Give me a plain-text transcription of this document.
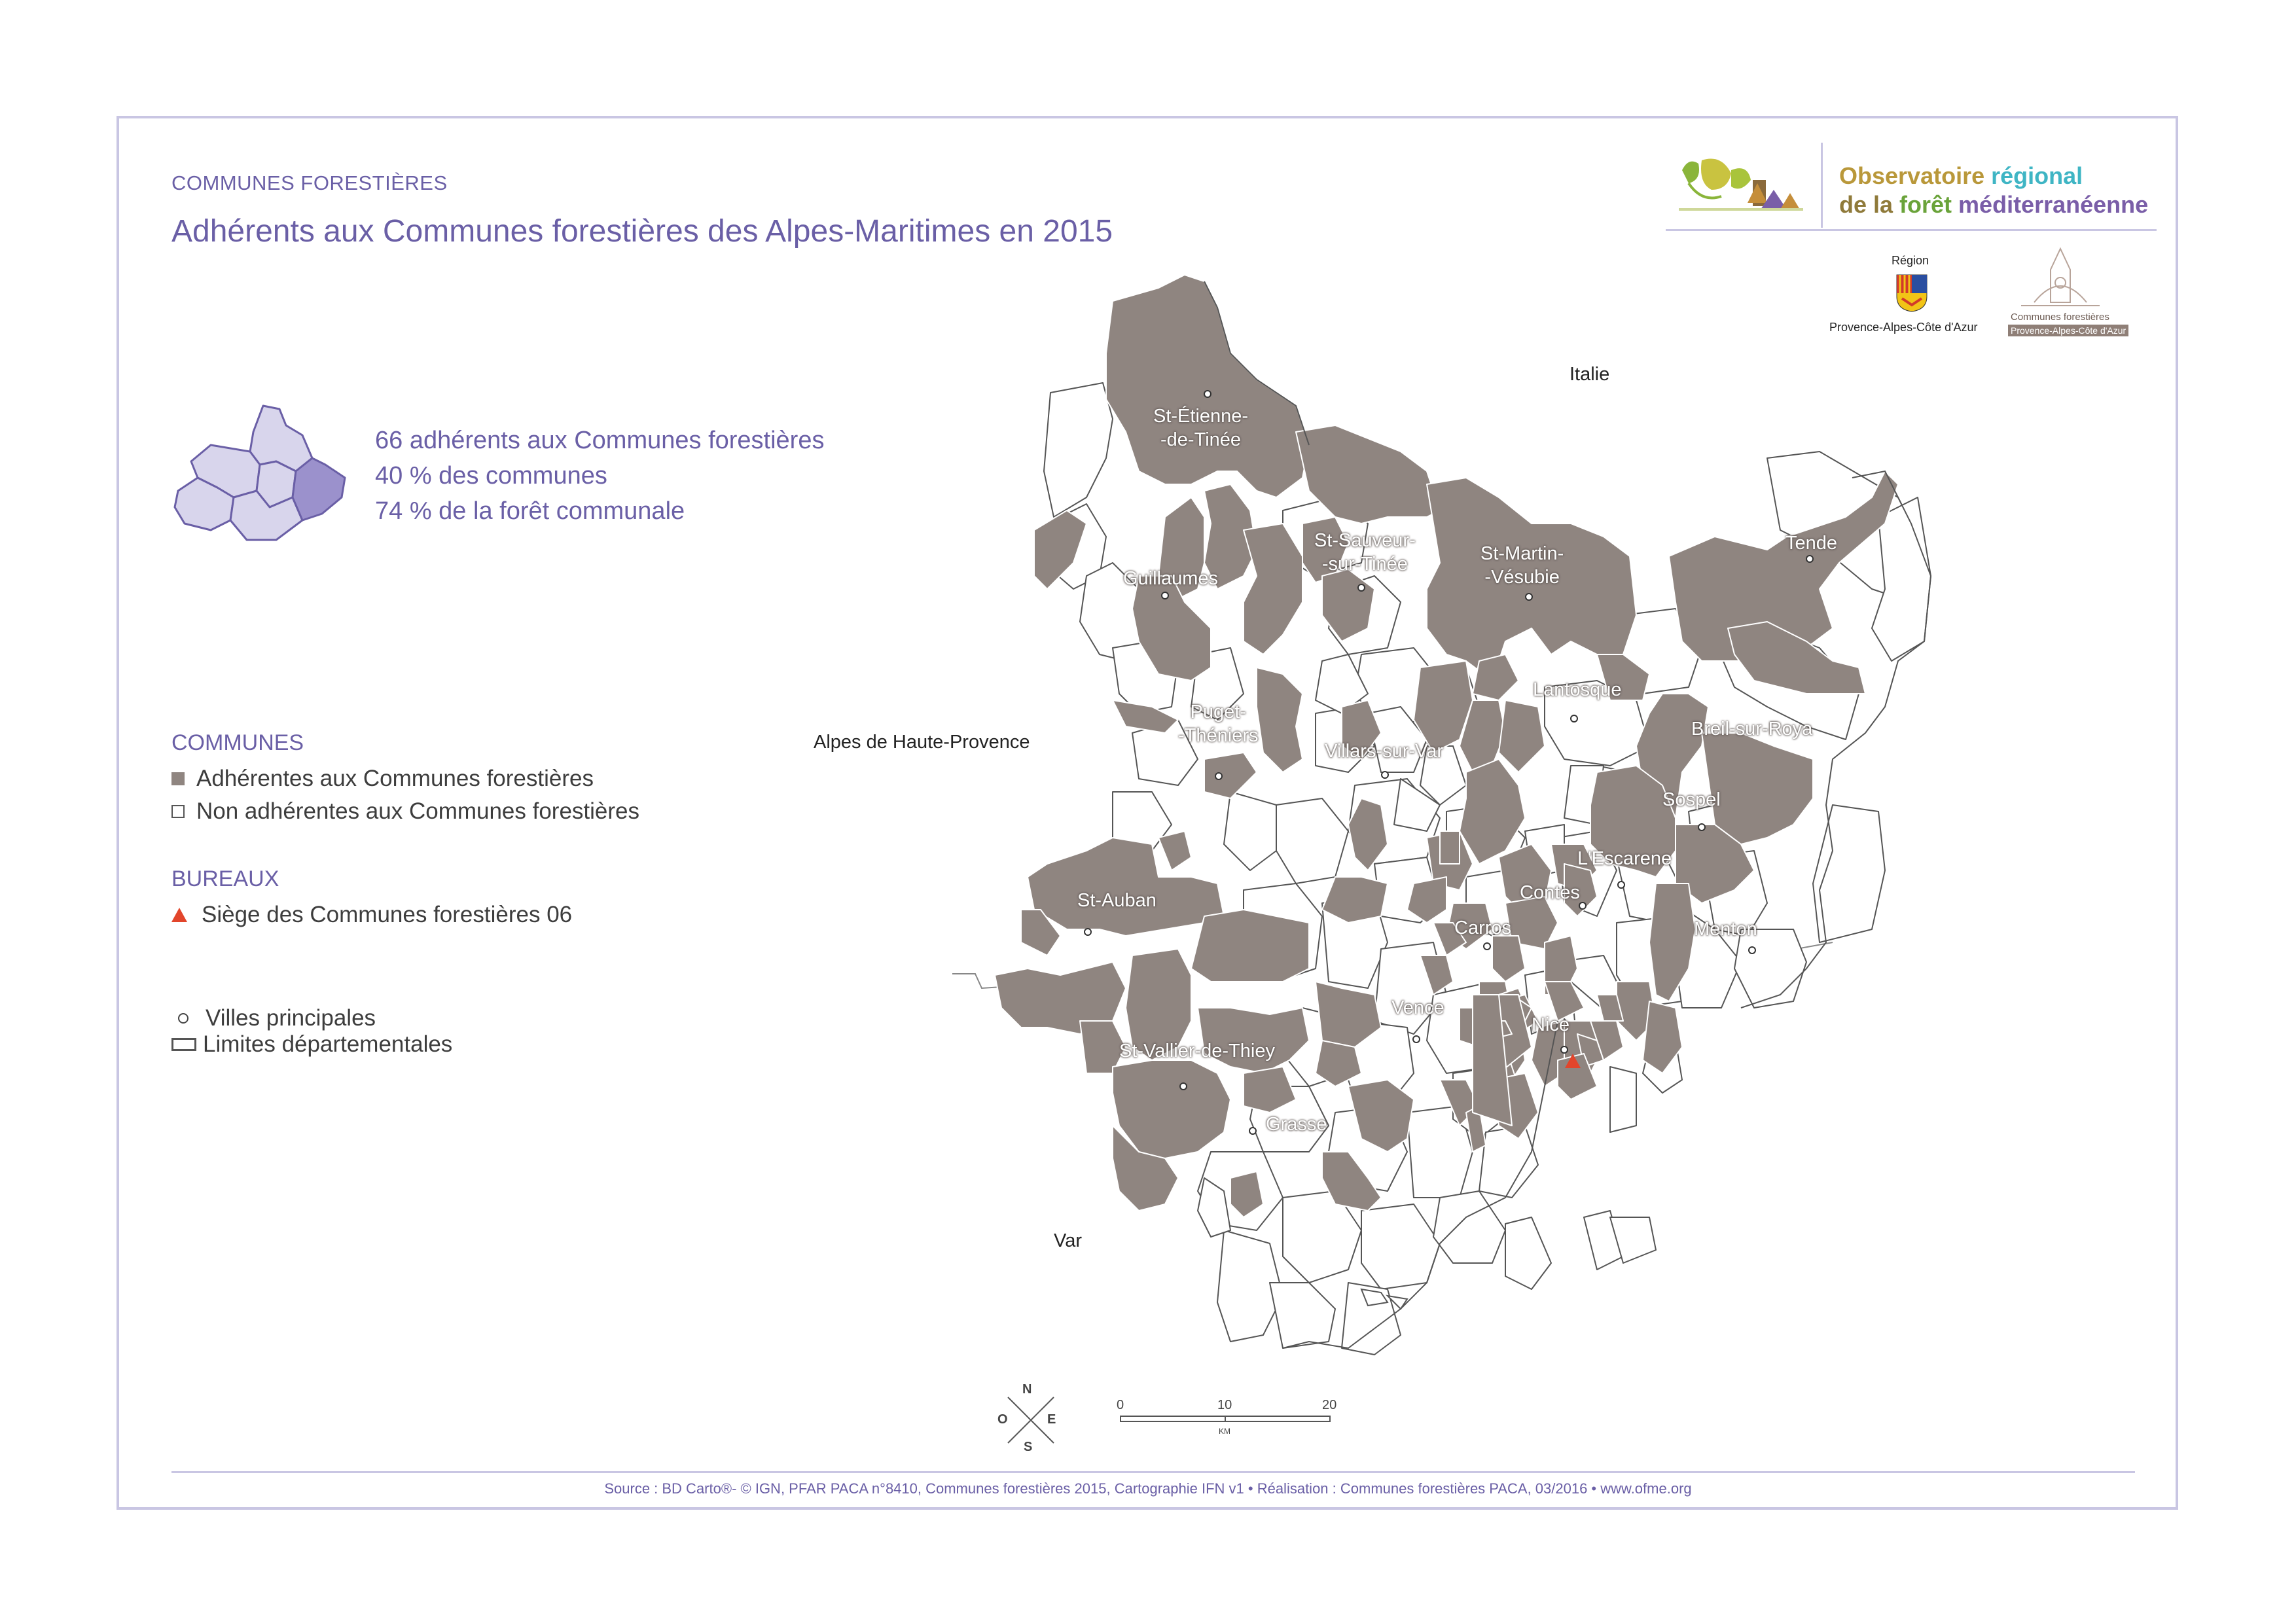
COMMUNES FORESTIÈRES
Adhérents aux Communes forestières des Alpes-Maritimes en 2015
Observatoire régional
de la forêt méditerranéenne
Région
Provence-Alpes-Côte d'Azur
Communes forestières
Provence-Alpes-Côte d'Azur
66 adhérents aux Communes forestières
40 % des communes
74 % de la forêt communale
COMMUNES
Adhérentes aux Communes forestières
Non adhérentes aux Communes forestières
BUREAUX
Siège des Communes forestières 06
Villes principales
Limites départementales
Italie
Alpes de Haute-Provence
Var
St-Étienne-
-de-Tinée
St-Sauveur-
-sur-Tinée	St-Martin-
-Vésubie
Tende
Guillaumes
Lantosque
Breil-sur-Roya
Puget-
-Théniers
Villars-sur-Var
Sospel
L'Escarene
Contes
St-Auban
Carros	Menton
Vence
Nice
St-Vallier-de-Thiey
Grasse
N
S
E
O
0	10	20
KM
Source : BD Carto®- © IGN, PFAR PACA n°8410, Communes forestières 2015, Cartographie IFN v1 • Réalisation : Communes forestières PACA, 03/2016 • www.ofme.org
